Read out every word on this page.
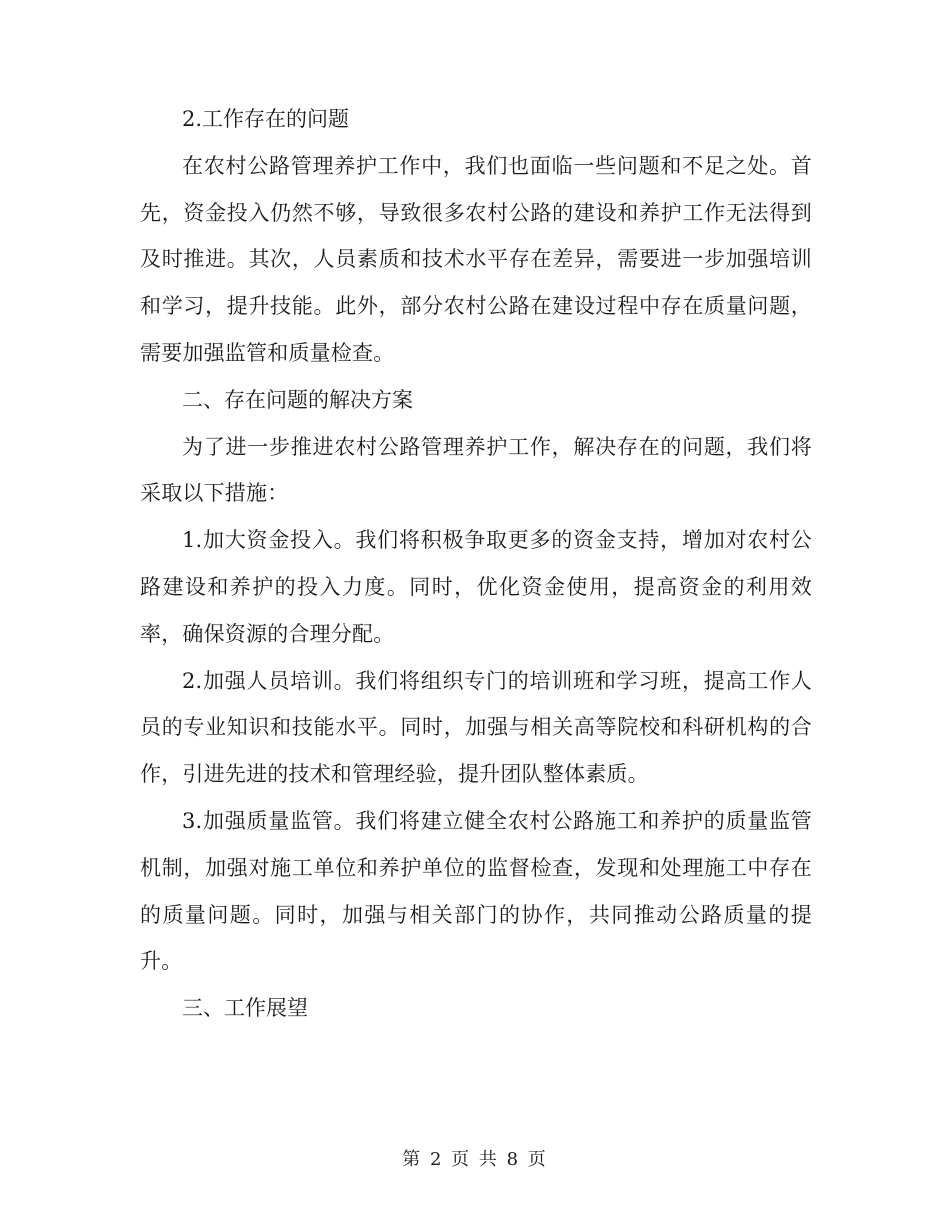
2.工作存在的问题

在农村公路管理养护工作中，我们也面临一些问题和不足之处。首先，资金投入仍然不够，导致很多农村公路的建设和养护工作无法得到及时推进。其次，人员素质和技术水平存在差异，需要进一步加强培训和学习，提升技能。此外，部分农村公路在建设过程中存在质量问题，需要加强监管和质量检查。

二、存在问题的解决方案

为了进一步推进农村公路管理养护工作，解决存在的问题，我们将采取以下措施：

1.加大资金投入。我们将积极争取更多的资金支持，增加对农村公路建设和养护的投入力度。同时，优化资金使用，提高资金的利用效率，确保资源的合理分配。

2.加强人员培训。我们将组织专门的培训班和学习班，提高工作人员的专业知识和技能水平。同时，加强与相关高等院校和科研机构的合作，引进先进的技术和管理经验，提升团队整体素质。

3.加强质量监管。我们将建立健全农村公路施工和养护的质量监管机制，加强对施工单位和养护单位的监督检查，发现和处理施工中存在的质量问题。同时，加强与相关部门的协作，共同推动公路质量的提升。

三、工作展望

第 2 页 共 8 页
